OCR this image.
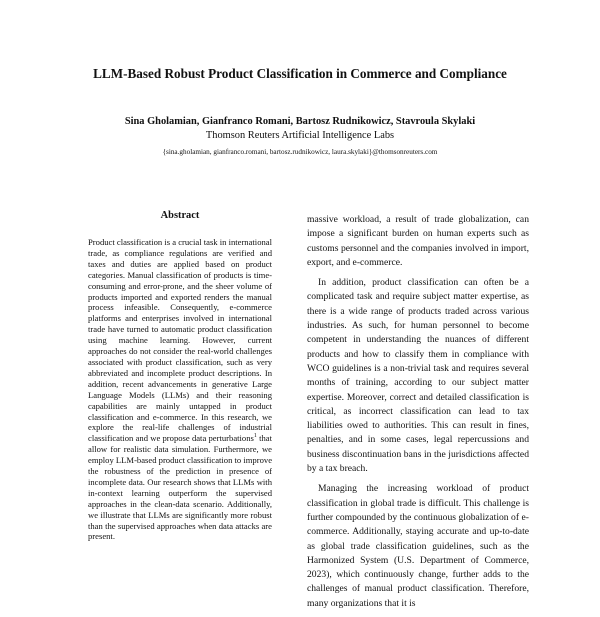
LLM-Based Robust Product Classification in Commerce and Compliance
Sina Gholamian, Gianfranco Romani, Bartosz Rudnikowicz, Stavroula Skylaki
Thomson Reuters Artificial Intelligence Labs
{sina.gholamian, gianfranco.romani, bartosz.rudnikowicz, laura.skylaki}@thomsonreuters.com
Abstract

Product classification is a crucial task in international trade, as compliance regulations are verified and taxes and duties are applied based on product categories. Manual classification of products is time-consuming and error-prone, and the sheer volume of products imported and exported renders the manual process infeasible. Consequently, e-commerce platforms and enterprises involved in international trade have turned to automatic product classification using machine learning. However, current approaches do not consider the real-world challenges associated with product classification, such as very abbreviated and incomplete product descriptions. In addition, recent advancements in generative Large Language Models (LLMs) and their reasoning capabilities are mainly untapped in product classification and e-commerce. In this research, we explore the real-life challenges of industrial classification and we propose data perturbations$^1$ that allow for realistic data simulation. Furthermore, we employ LLM-based product classification to improve the robustness of the prediction in presence of incomplete data. Our research shows that LLMs with in-context learning outperform the supervised approaches in the clean-data scenario. Additionally, we illustrate that LLMs are significantly more robust than the supervised approaches when data attacks are present.

massive workload, a result of trade globalization, can impose a significant burden on human experts such as customs personnel and the companies involved in import, export, and e-commerce.

In addition, product classification can often be a complicated task and require subject matter expertise, as there is a wide range of products traded across various industries. As such, for human personnel to become competent in understanding the nuances of different products and how to classify them in compliance with WCO guidelines is a non-trivial task and requires several months of training, according to our subject matter expertise. Moreover, correct and detailed classification is critical, as incorrect classification can lead to tax liabilities owed to authorities. This can result in fines, penalties, and in some cases, legal repercussions and business discontinuation bans in the jurisdictions affected by a tax breach.

Managing the increasing workload of product classification in global trade is difficult. This challenge is further compounded by the continuous globalization of e-commerce. Additionally, staying accurate and up-to-date as global trade classification guidelines, such as the Harmonized System (U.S. Department of Commerce, 2023), which continuously change, further adds to the challenges of manual product classification. Therefore, many organizations that it is
